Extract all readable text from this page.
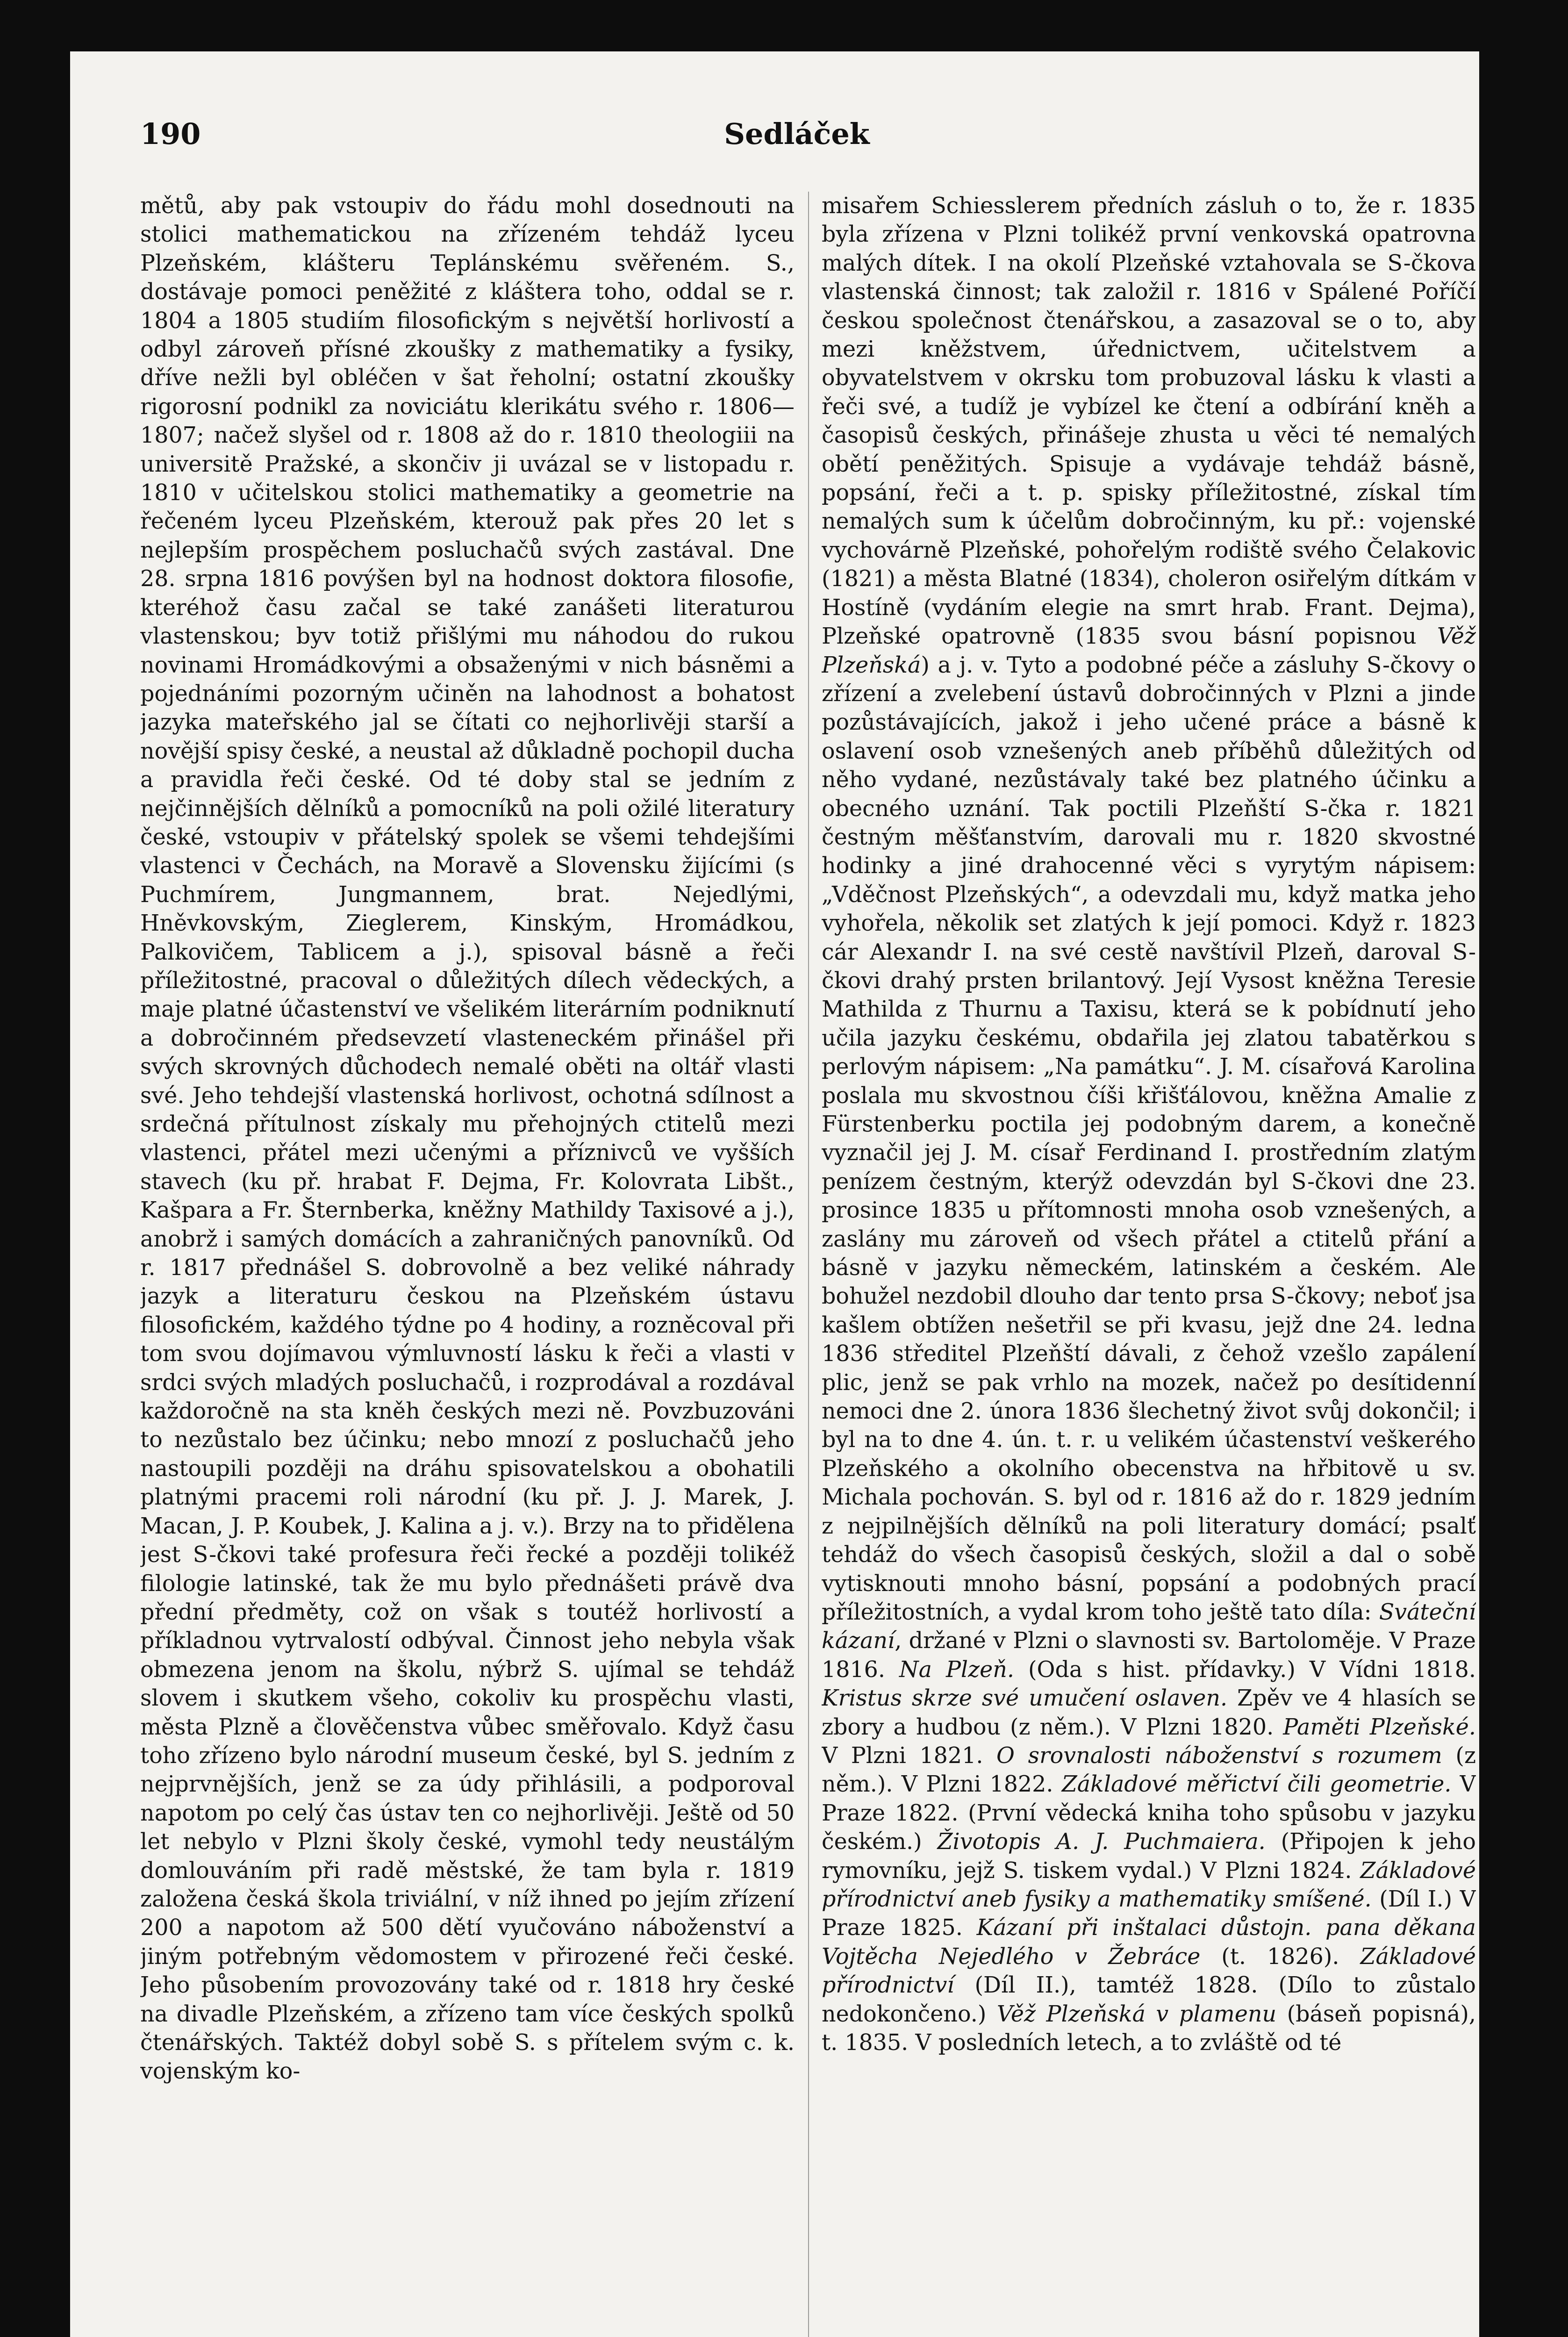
Sedláček
190

mětů, aby pak vstoupiv do řádu mohl dosednouti na stolici mathematickou na zřízeném tehdáž lyceu Plzeňském, klášteru Teplánskému svěřeném. S., dostávaje pomoci peněžité z kláštera toho, oddal se r. 1804 a 1805 studiím filosofickým s největší horlivostí a odbyl zároveň přísné zkoušky z mathematiky a fysiky, dříve nežli byl obléčen v šat řeholní; ostatní zkoušky rigorosní podnikl za noviciátu klerikátu svého r. 1806—1807; načež slyšel od r. 1808 až do r. 1810 theologiii na universitě Pražské, a skončiv ji uvázal se v listopadu r. 1810 v učitelskou stolici mathematiky a geometrie na řečeném lyceu Plzeňském, kterouž pak přes 20 let s nejlepším prospěchem posluchačů svých zastával. Dne 28. srpna 1816 povýšen byl na hodnost doktora filosofie, kteréhož času začal se také zanášeti literaturou vlastenskou; byv totiž přišlými mu náhodou do rukou novinami Hromádkovými a obsaženými v nich básněmi a pojednáními pozorným učiněn na lahodnost a bohatost jazyka mateřského jal se čítati co nejhorlivěji starší a novější spisy české, a neustal až důkladně pochopil ducha a pravidla řeči české. Od té doby stal se jedním z nejčinnějších dělníků a pomocníků na poli ožilé literatury české, vstoupiv v přátelský spolek se všemi tehdejšími vlastenci v Čechách, na Moravě a Slovensku žijícími (s Puchmírem, Jungmannem, brat. Nejedlými, Hněvkovským, Zieglerem, Kinským, Hromádkou, Palkovičem, Tablicem a j.), spisoval básně a řeči příležitostné, pracoval o důležitých dílech vědeckých, a maje platné účastenství ve všelikém literárním podniknutí a dobročinném předsevzetí vlasteneckém přinášel při svých skrovných důchodech nemalé oběti na oltář vlasti své. Jeho tehdejší vlastenská horlivost, ochotná sdílnost a srdečná přítulnost získaly mu přehojných ctitelů mezi vlastenci, přátel mezi učenými a příznivců ve vyšších stavech (ku př. hrabat F. Dejma, Fr. Kolovrata Libšt., Kašpara a Fr. Šternberka, kněžny Mathildy Taxisové a j.), anobrž i samých domácích a zahraničných panovníků. Od r. 1817 přednášel S. dobrovolně a bez veliké náhrady jazyk a literaturu českou na Plzeňském ústavu filosofickém, každého týdne po 4 hodiny, a rozněcoval při tom svou dojímavou výmluvností lásku k řeči a vlasti v srdci svých mladých posluchačů, i rozprodával a rozdával každoročně na sta kněh českých mezi ně. Povzbuzováni to nezůstalo bez účinku; nebo mnozí z posluchačů jeho nastoupili později na dráhu spisovatelskou a obohatili platnými pracemi roli národní (ku př. J. J. Marek, J. Macan, J. P. Koubek, J. Kalina a j. v.). Brzy na to přidělena jest S-čkovi také profesura řeči řecké a později tolikéž filologie latinské, tak že mu bylo přednášeti právě dva přední předměty, což on však s toutéž horlivostí a příkladnou vytrvalostí odbýval. Činnost jeho nebyla však obmezena jenom na školu, nýbrž S. ujímal se tehdáž slovem i skutkem všeho, cokoliv ku prospěchu vlasti, města Plzně a člověčenstva vůbec směřovalo. Když času toho zřízeno bylo národní museum české, byl S. jedním z nejprvnějších, jenž se za údy přihlásili, a podporoval napotom po celý čas ústav ten co nejhorlivěji. Ještě od 50 let nebylo v Plzni školy české, vymohl tedy neustálým domlouváním při radě městské, že tam byla r. 1819 založena česká škola triviální, v níž ihned po jejím zřízení 200 a napotom až 500 dětí vyučováno náboženství a jiným potřebným vědomostem v přirozené řeči české. Jeho působením provozovány také od r. 1818 hry české na divadle Plzeňském, a zřízeno tam více českých spolků čtenářských. Taktéž dobyl sobě S. s přítelem svým c. k. vojenským ko-

misařem Schiesslerem předních zásluh o to, že r. 1835 byla zřízena v Plzni tolikéž první venkovská opatrovna malých dítek. I na okolí Plzeňské vztahovala se S-čkova vlastenská činnost; tak založil r. 1816 v Spálené Poříčí českou společnost čtenářskou, a zasazoval se o to, aby mezi kněžstvem, úřednictvem, učitelstvem a obyvatelstvem v okrsku tom probuzoval lásku k vlasti a řeči své, a tudíž je vybízel ke čtení a odbírání kněh a časopisů českých, přinášeje zhusta u věci té nemalých obětí peněžitých. Spisuje a vydávaje tehdáž básně, popsání, řeči a t. p. spisky příležitostné, získal tím nemalých sum k účelům dobročinným, ku př.: vojenské vychovárně Plzeňské, pohořelým rodiště svého Čelakovic (1821) a města Blatné (1834), choleron osiřelým dítkám v Hostíně (vydáním elegie na smrt hrab. Frant. Dejma), Plzeňské opatrovně (1835 svou básní popisnou Věž Plzeňská) a j. v. Tyto a podobné péče a zásluhy S-čkovy o zřízení a zvelebení ústavů dobročinných v Plzni a jinde pozůstávajících, jakož i jeho učené práce a básně k oslavení osob vznešených aneb příběhů důležitých od něho vydané, nezůstávaly také bez platného účinku a obecného uznání. Tak poctili Plzeňští S-čka r. 1821 čestným měšťanstvím, darovali mu r. 1820 skvostné hodinky a jiné drahocenné věci s vyrytým nápisem: „Vděčnost Plzeňských“, a odevzdali mu, když matka jeho vyhořela, několik set zlatých k její pomoci. Když r. 1823 cár Alexandr I. na své cestě navštívil Plzeň, daroval S-čkovi drahý prsten brilantový. Její Vysost kněžna Teresie Mathilda z Thurnu a Taxisu, která se k pobídnutí jeho učila jazyku českému, obdařila jej zlatou tabatěrkou s perlovým nápisem: „Na památku“. J. M. císařová Karolina poslala mu skvostnou číši křišťálovou, kněžna Amalie z Fürstenberku poctila jej podobným darem, a konečně vyznačil jej J. M. císař Ferdinand I. prostředním zlatým penízem čestným, kterýž odevzdán byl S-čkovi dne 23. prosince 1835 u přítomnosti mnoha osob vznešených, a zaslány mu zároveň od všech přátel a ctitelů přání a básně v jazyku německém, latinském a českém. Ale bohužel nezdobil dlouho dar tento prsa S-čkovy; neboť jsa kašlem obtížen nešetřil se při kvasu, jejž dne 24. ledna 1836 středitel Plzeňští dávali, z čehož vzešlo zapálení plic, jenž se pak vrhlo na mozek, načež po desítidenní nemoci dne 2. února 1836 šlechetný život svůj dokončil; i byl na to dne 4. ún. t. r. u velikém účastenství veškerého Plzeňského a okolního obecenstva na hřbitově u sv. Michala pochován. S. byl od r. 1816 až do r. 1829 jedním z nejpilnějších dělníků na poli literatury domácí; psalť tehdáž do všech časopisů českých, složil a dal o sobě vytisknouti mnoho básní, popsání a podobných prací příležitostních, a vydal krom toho ještě tato díla: Sváteční kázaní, držané v Plzni o slavnosti sv. Bartoloměje. V Praze 1816. Na Plzeň. (Oda s hist. přídavky.) V Vídni 1818. Kristus skrze své umučení oslaven. Zpěv ve 4 hlasích se zbory a hudbou (z něm.). V Plzni 1820. Paměti Plzeňské. V Plzni 1821. O srovnalosti náboženství s rozumem (z něm.). V Plzni 1822. Základové měřictví čili geometrie. V Praze 1822. (První vědecká kniha toho spůsobu v jazyku českém.) Životopis A. J. Puchmaiera. (Připojen k jeho rymovníku, jejž S. tiskem vydal.) V Plzni 1824. Základové přírodnictví aneb fysiky a mathematiky smíšené. (Díl I.) V Praze 1825. Kázaní při inštalaci důstojn. pana děkana Vojtěcha Nejedlého v Žebráce (t. 1826). Základové přírodnictví (Díl II.), tamtéž 1828. (Dílo to zůstalo nedokončeno.) Věž Plzeňská v plamenu (báseň popisná), t. 1835. V posledních letech, a to zvláště od té
